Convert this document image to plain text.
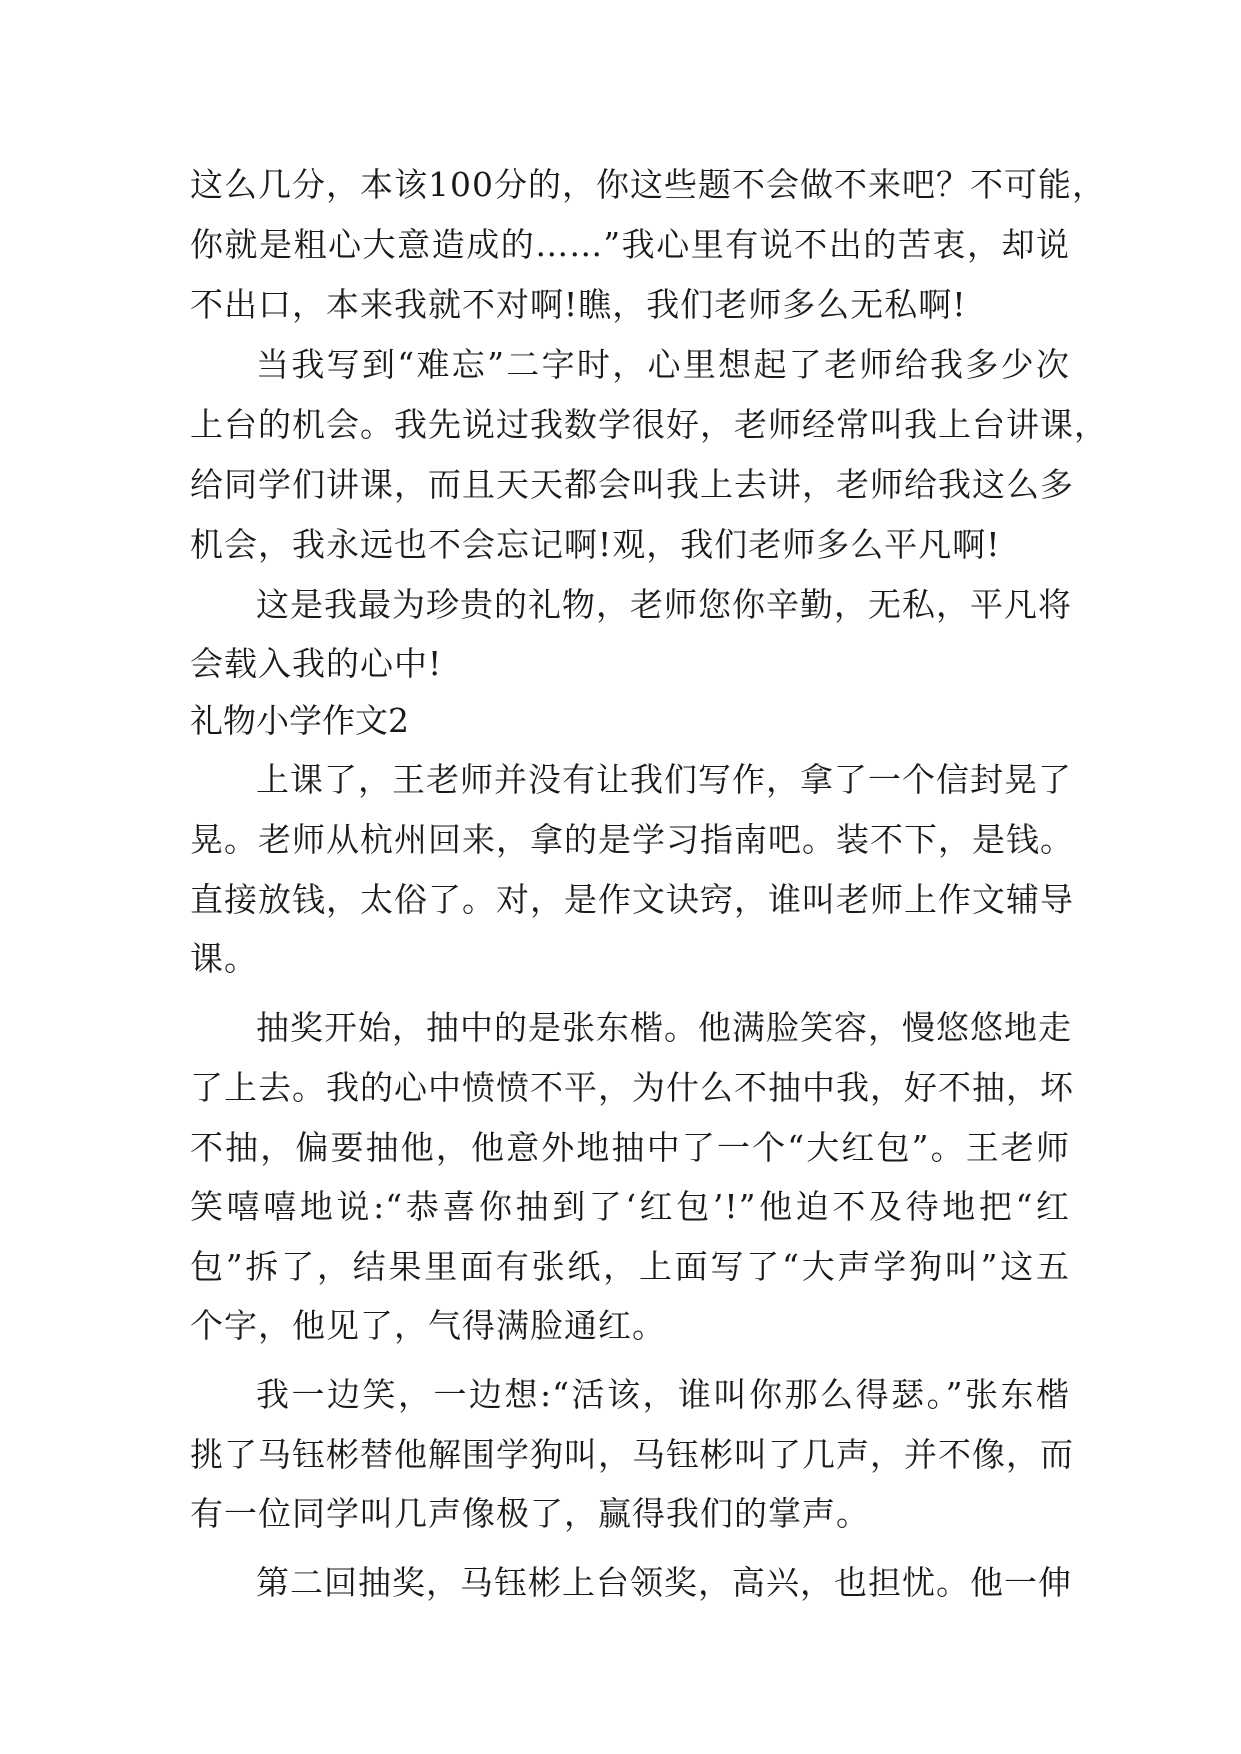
这么几分，本该100分的，你这些题不会做不来吧？不可能，
你就是粗心大意造成的……”我心里有说不出的苦衷，却说
不出口，本来我就不对啊!瞧，我们老师多么无私啊!
当我写到“难忘”二字时，心里想起了老师给我多少次
上台的机会。我先说过我数学很好，老师经常叫我上台讲课，
给同学们讲课，而且天天都会叫我上去讲，老师给我这么多
机会，我永远也不会忘记啊!观，我们老师多么平凡啊!
这是我最为珍贵的礼物，老师您你辛勤，无私，平凡将
会载入我的心中!
礼物小学作文2
上课了，王老师并没有让我们写作，拿了一个信封晃了
晃。老师从杭州回来，拿的是学习指南吧。装不下，是钱。
直接放钱，太俗了。对，是作文诀窍，谁叫老师上作文辅导
课。
抽奖开始，抽中的是张东楷。他满脸笑容，慢悠悠地走
了上去。我的心中愤愤不平，为什么不抽中我，好不抽，坏
不抽，偏要抽他，他意外地抽中了一个“大红包”。王老师
笑嘻嘻地说:“恭喜你抽到了‘红包’!”他迫不及待地把“红
包”拆了，结果里面有张纸，上面写了“大声学狗叫”这五
个字，他见了，气得满脸通红。
我一边笑，一边想:“活该，谁叫你那么得瑟。”张东楷
挑了马钰彬替他解围学狗叫，马钰彬叫了几声，并不像，而
有一位同学叫几声像极了，赢得我们的掌声。
第二回抽奖，马钰彬上台领奖，高兴，也担忧。他一伸
